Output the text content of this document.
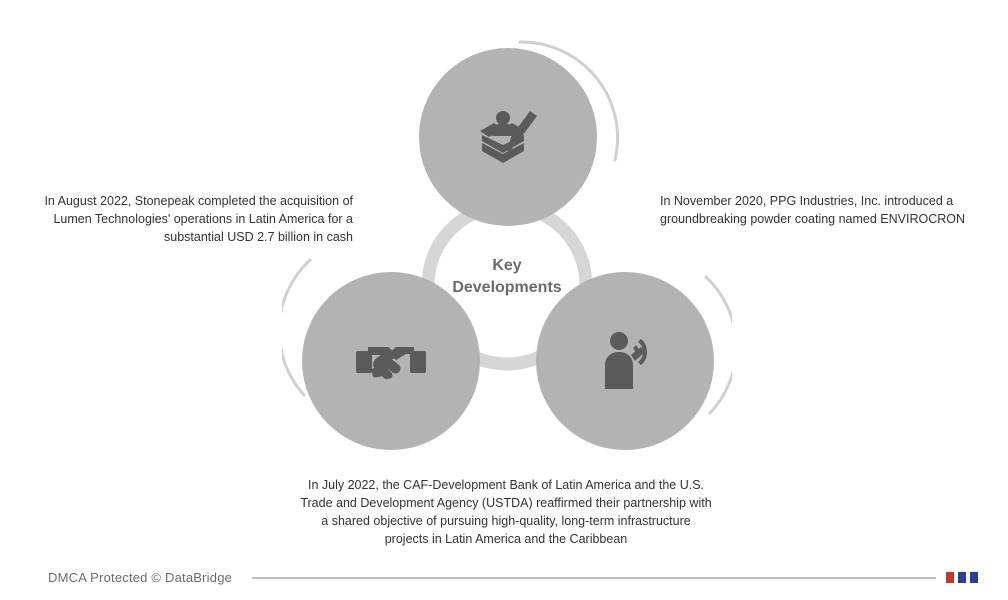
Key
Developments
In August 2022, Stonepeak completed the acquisition of Lumen Technologies' operations in Latin America for a substantial USD 2.7 billion in cash
In November 2020, PPG Industries, Inc. introduced a groundbreaking powder coating named ENVIROCRON
In July 2022, the CAF-Development Bank of Latin America and the U.S. Trade and Development Agency (USTDA) reaffirmed their partnership with a shared objective of pursuing high-quality, long-term infrastructure projects in Latin America and the Caribbean
DMCA Protected © DataBridge
